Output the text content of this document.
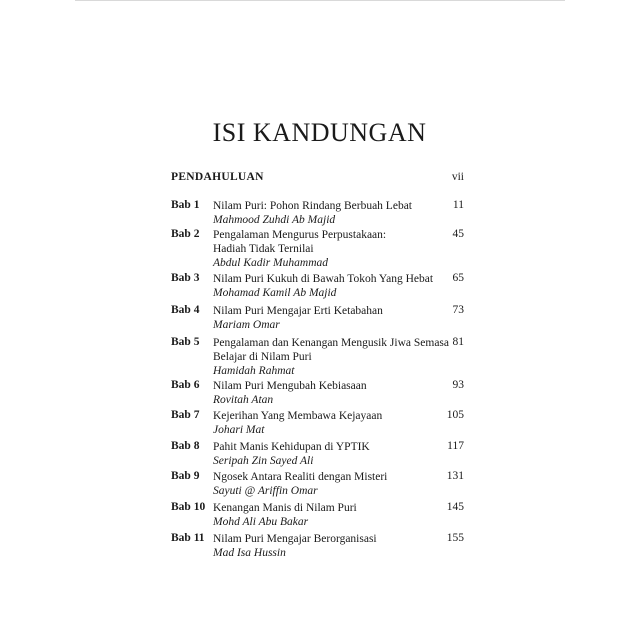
ISI KANDUNGAN
PENDAHULUAN	vii
Bab 1 Nilam Puri: Pohon Rindang Berbuah Lebat
Mahmood Zuhdi Ab Majid
11
Bab 2 Pengalaman Mengurus Perpustakaan:
Hadiah Tidak Ternilai
Abdul Kadir Muhammad
45
Bab 3 Nilam Puri Kukuh di Bawah Tokoh Yang Hebat
Mohamad Kamil Ab Majid
65
Bab 4 Nilam Puri Mengajar Erti Ketabahan
Mariam Omar
73
Bab 5 Pengalaman dan Kenangan Mengusik Jiwa Semasa
Belajar di Nilam Puri
Hamidah Rahmat
81
Bab 6 Nilam Puri Mengubah Kebiasaan
Rovitah Atan
93
Bab 7 Kejerihan Yang Membawa Kejayaan
Johari Mat
105
Bab 8 Pahit Manis Kehidupan di YPTIK
Seripah Zin Sayed Ali
117
Bab 9 Ngosek Antara Realiti dengan Misteri
Sayuti @ Ariffin Omar
131
Bab 10 Kenangan Manis di Nilam Puri
Mohd Ali Abu Bakar
145
Bab 11 Nilam Puri Mengajar Berorganisasi
Mad Isa Hussin
155
